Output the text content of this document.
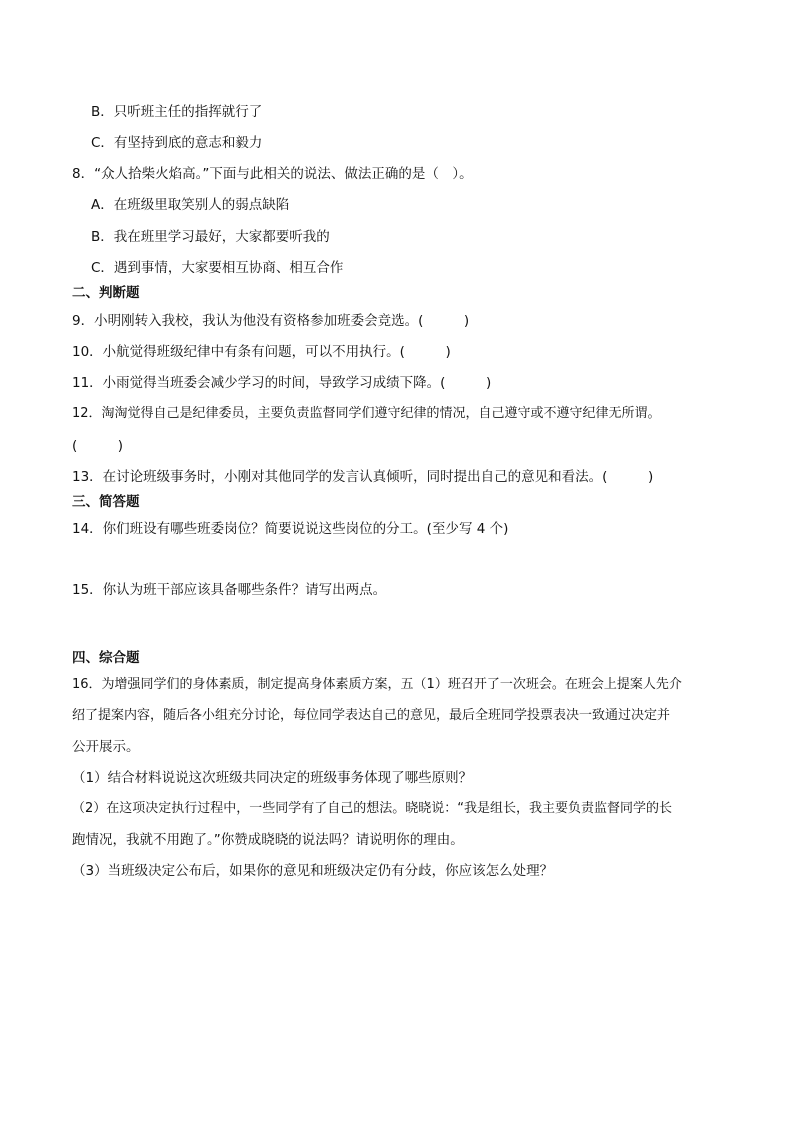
B．只听班主任的指挥就行了
C．有坚持到底的意志和毅力
8．“众人拾柴火焰高。”下面与此相关的说法、做法正确的是（　）。
A．在班级里取笑别人的弱点缺陷
B．我在班里学习最好，大家都要听我的
C．遇到事情，大家要相互协商、相互合作
二、判断题
9．小明刚转入我校，我认为他没有资格参加班委会竞选。(　　　)
10．小航觉得班级纪律中有条有问题，可以不用执行。(　　　)
11．小雨觉得当班委会减少学习的时间，导致学习成绩下降。(　　　)
12．淘淘觉得自己是纪律委员，主要负责监督同学们遵守纪律的情况，自己遵守或不遵守纪律无所谓。
(　　　)
13．在讨论班级事务时，小刚对其他同学的发言认真倾听，同时提出自己的意见和看法。(　　　)
三、简答题
14．你们班设有哪些班委岗位？简要说说这些岗位的分工。(至少写 4 个)
15．你认为班干部应该具备哪些条件？请写出两点。
四、综合题
16．为增强同学们的身体素质，制定提高身体素质方案，五（1）班召开了一次班会。在班会上提案人先介
绍了提案内容，随后各小组充分讨论，每位同学表达自己的意见，最后全班同学投票表决一致通过决定并
公开展示。
（1）结合材料说说这次班级共同决定的班级事务体现了哪些原则？
（2）在这项决定执行过程中，一些同学有了自己的想法。晓晓说：“我是组长，我主要负责监督同学的长
跑情况，我就不用跑了。”你赞成晓晓的说法吗？请说明你的理由。
（3）当班级决定公布后，如果你的意见和班级决定仍有分歧，你应该怎么处理？
